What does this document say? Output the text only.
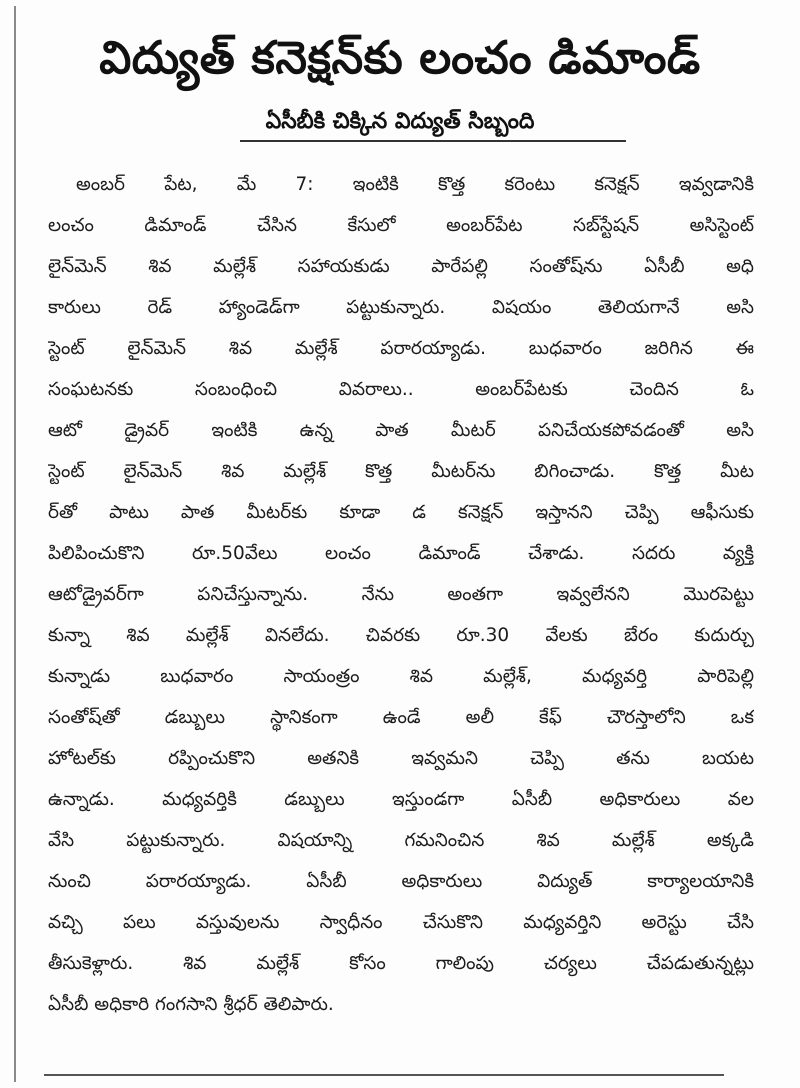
విద్యుత్ కనెక్షన్‌కు లంచం డిమాండ్
ఏసీబీకి చిక్కిన విద్యుత్ సిబ్బంది
అంబర్ పేట, మే 7: ఇంటికి కొత్త కరెంటు కనెక్షన్ ఇవ్వడానికి
లంచం డిమాండ్ చేసిన కేసులో అంబర్‌పేట సబ్‌స్టేషన్ అసిస్టెంట్
లైన్‌మెన్ శివ మల్లేశ్ సహాయకుడు పారేపల్లి సంతోష్‌ను ఏసీబీ అధి
కారులు రెడ్ హ్యాండెడ్‌గా పట్టుకున్నారు. విషయం తెలియగానే అసి
స్టెంట్ లైన్‌మెన్ శివ మల్లేశ్ పరారయ్యాడు. బుధవారం జరిగిన ఈ
సంఘటనకు సంబంధించి వివరాలు.. అంబర్‌పేటకు చెందిన ఓ
ఆటో డ్రైవర్ ఇంటికి ఉన్న పాత మీటర్ పనిచేయకపోవడంతో అసి
స్టెంట్ లైన్‌మెన్ శివ మల్లేశ్ కొత్త మీటర్‌ను బిగించాడు. కొత్త మీట
ర్‌తో పాటు పాత మీటర్‌కు కూడా డ కనెక్షన్ ఇస్తానని చెప్పి ఆఫీసుకు
పిలిపించుకొని రూ.50వేలు లంచం డిమాండ్ చేశాడు. సదరు వ్యక్తి
ఆటోడ్రైవర్‌గా పనిచేస్తున్నాను. నేను అంతగా ఇవ్వలేనని మొరపెట్టు
కున్నా శివ మల్లేశ్ వినలేదు. చివరకు రూ.30 వేలకు బేరం కుదుర్చు
కున్నాడు బుధవారం సాయంత్రం శివ మల్లేశ్, మధ్యవర్తి పారిపెల్లి
సంతోష్‌తో డబ్బులు స్థానికంగా ఉండే అలీ కేఫ్ చౌరస్తాలోని ఒక
హోటల్‌కు రప్పించుకొని అతనికి ఇవ్వమని చెప్పి తను బయట
ఉన్నాడు. మధ్యవర్తికి డబ్బులు ఇస్తుండగా ఏసీబీ అధికారులు వల
వేసి పట్టుకున్నారు. విషయాన్ని గమనించిన శివ మల్లేశ్ అక్కడి
నుంచి పరారయ్యాడు. ఏసీబీ అధికారులు విద్యుత్ కార్యాలయానికి
వచ్చి పలు వస్తువులను స్వాధీనం చేసుకొని మధ్యవర్తిని అరెస్టు చేసి
తీసుకెళ్లారు. శివ మల్లేశ్ కోసం గాలింపు చర్యలు చేపడుతున్నట్లు
ఏసీబీ అధికారి గంగసాని శ్రీధర్ తెలిపారు.
